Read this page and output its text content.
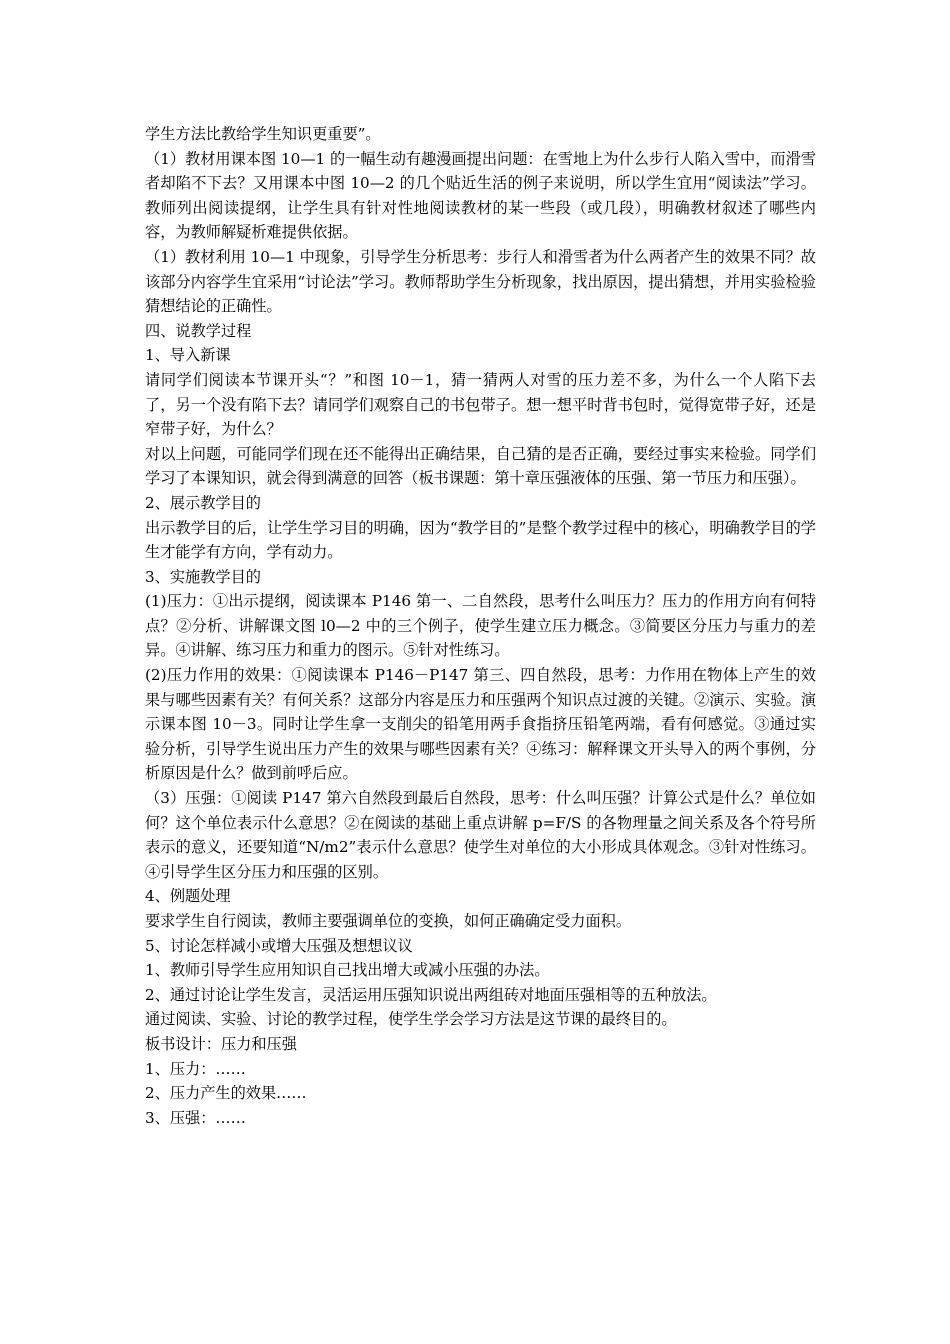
学生方法比教给学生知识更重要”。

（1）教材用课本图 10—1 的一幅生动有趣漫画提出问题：在雪地上为什么步行人陷入雪中，而滑雪者却陷不下去？又用课本中图 10—2 的几个贴近生活的例子来说明，所以学生宜用“阅读法”学习。教师列出阅读提纲，让学生具有针对性地阅读教材的某一些段（或几段），明确教材叙述了哪些内容，为教师解疑析难提供依据。

（1）教材利用 10—1 中现象，引导学生分析思考：步行人和滑雪者为什么两者产生的效果不同？故该部分内容学生宜采用“讨论法”学习。教师帮助学生分析现象，找出原因，提出猜想，并用实验检验猜想结论的正确性。

四、说教学过程

1、导入新课

请同学们阅读本节课开头“？”和图 10－1，猜一猜两人对雪的压力差不多，为什么一个人陷下去了，另一个没有陷下去？请同学们观察自己的书包带子。想一想平时背书包时，觉得宽带子好，还是窄带子好，为什么？

对以上问题，可能同学们现在还不能得出正确结果，自己猜的是否正确，要经过事实来检验。同学们学习了本课知识，就会得到满意的回答（板书课题：第十章压强液体的压强、第一节压力和压强）。

2、展示教学目的

出示教学目的后，让学生学习目的明确，因为“教学目的”是整个教学过程中的核心，明确教学目的学生才能学有方向，学有动力。

3、实施教学目的

(1)压力：①出示提纲，阅读课本 P146 第一、二自然段，思考什么叫压力？压力的作用方向有何特点？②分析、讲解课文图 l0—2 中的三个例子，使学生建立压力概念。③简要区分压力与重力的差异。④讲解、练习压力和重力的图示。⑤针对性练习。

(2)压力作用的效果：①阅读课本 P146－P147 第三、四自然段，思考：力作用在物体上产生的效果与哪些因素有关？有何关系？这部分内容是压力和压强两个知识点过渡的关键。②演示、实验。演示课本图 10－3。同时让学生拿一支削尖的铅笔用两手食指挤压铅笔两端，看有何感觉。③通过实验分析，引导学生说出压力产生的效果与哪些因素有关？④练习：解释课文开头导入的两个事例，分析原因是什么？做到前呼后应。

（3）压强：①阅读 P147 第六自然段到最后自然段，思考：什么叫压强？计算公式是什么？单位如何？这个单位表示什么意思？②在阅读的基础上重点讲解 p=F/S 的各物理量之间关系及各个符号所表示的意义，还要知道“N/m2”表示什么意思？使学生对单位的大小形成具体观念。③针对性练习。④引导学生区分压力和压强的区别。

4、例题处理

要求学生自行阅读，教师主要强调单位的变换，如何正确确定受力面积。

5、讨论怎样减小或增大压强及想想议议

1、教师引导学生应用知识自己找出增大或减小压强的办法。

2、通过讨论让学生发言，灵活运用压强知识说出两组砖对地面压强相等的五种放法。

通过阅读、实验、讨论的教学过程，使学生学会学习方法是这节课的最终目的。

板书设计：压力和压强

1、压力：……

2、压力产生的效果……

3、压强：……
